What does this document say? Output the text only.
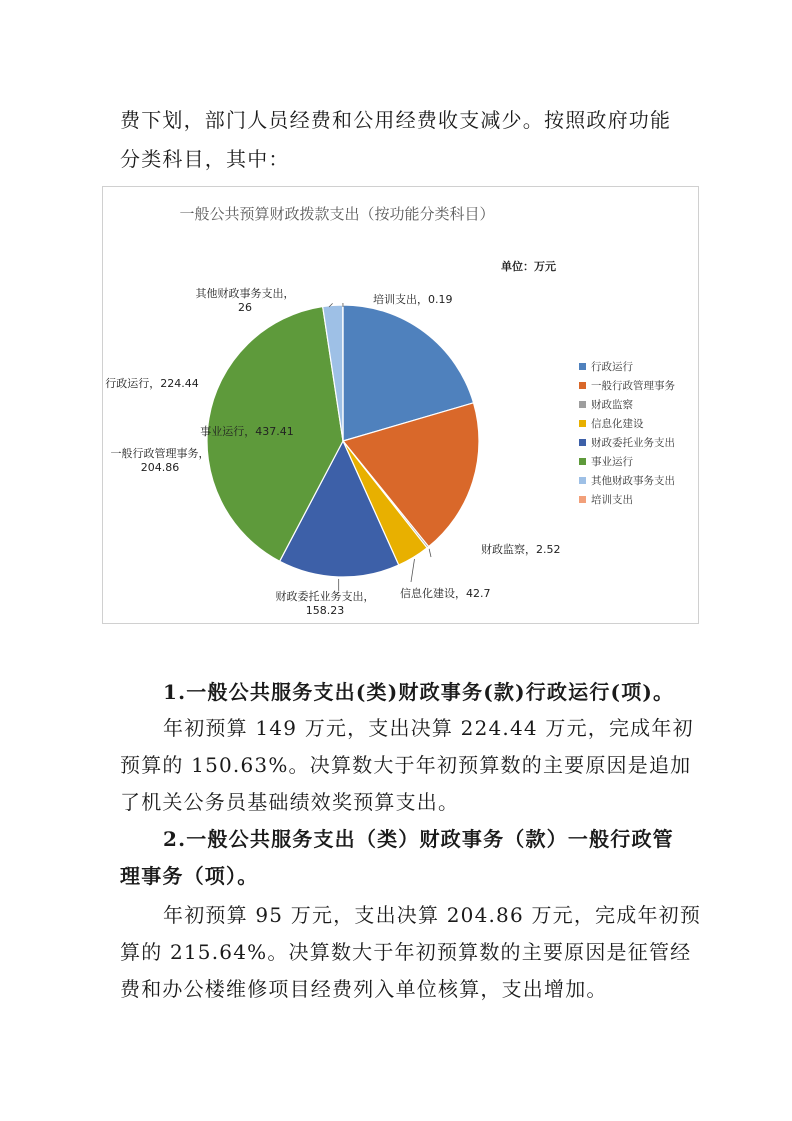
费下划，部门人员经费和公用经费收支减少。按照政府功能
分类科目，其中：
一般公共预算财政拨款支出（按功能分类科目）
单位：万元
行政运行，224.44
一般行政管理事务，
204.86
财政监察，2.52
信息化建设，42.7
财政委托业务支出，
158.23
事业运行，437.41
其他财政事务支出，
26
培训支出，0.19
行政运行
一般行政管理事务
财政监察
信息化建设
财政委托业务支出
事业运行
其他财政事务支出
培训支出
1.一般公共服务支出(类)财政事务(款)行政运行(项)。
年初预算 149 万元，支出决算 224.44 万元，完成年初
预算的 150.63%。决算数大于年初预算数的主要原因是追加
了机关公务员基础绩效奖预算支出。
2.一般公共服务支出（类）财政事务（款）一般行政管
理事务（项）。
年初预算 95 万元，支出决算 204.86 万元，完成年初预
算的 215.64%。决算数大于年初预算数的主要原因是征管经
费和办公楼维修项目经费列入单位核算，支出增加。
